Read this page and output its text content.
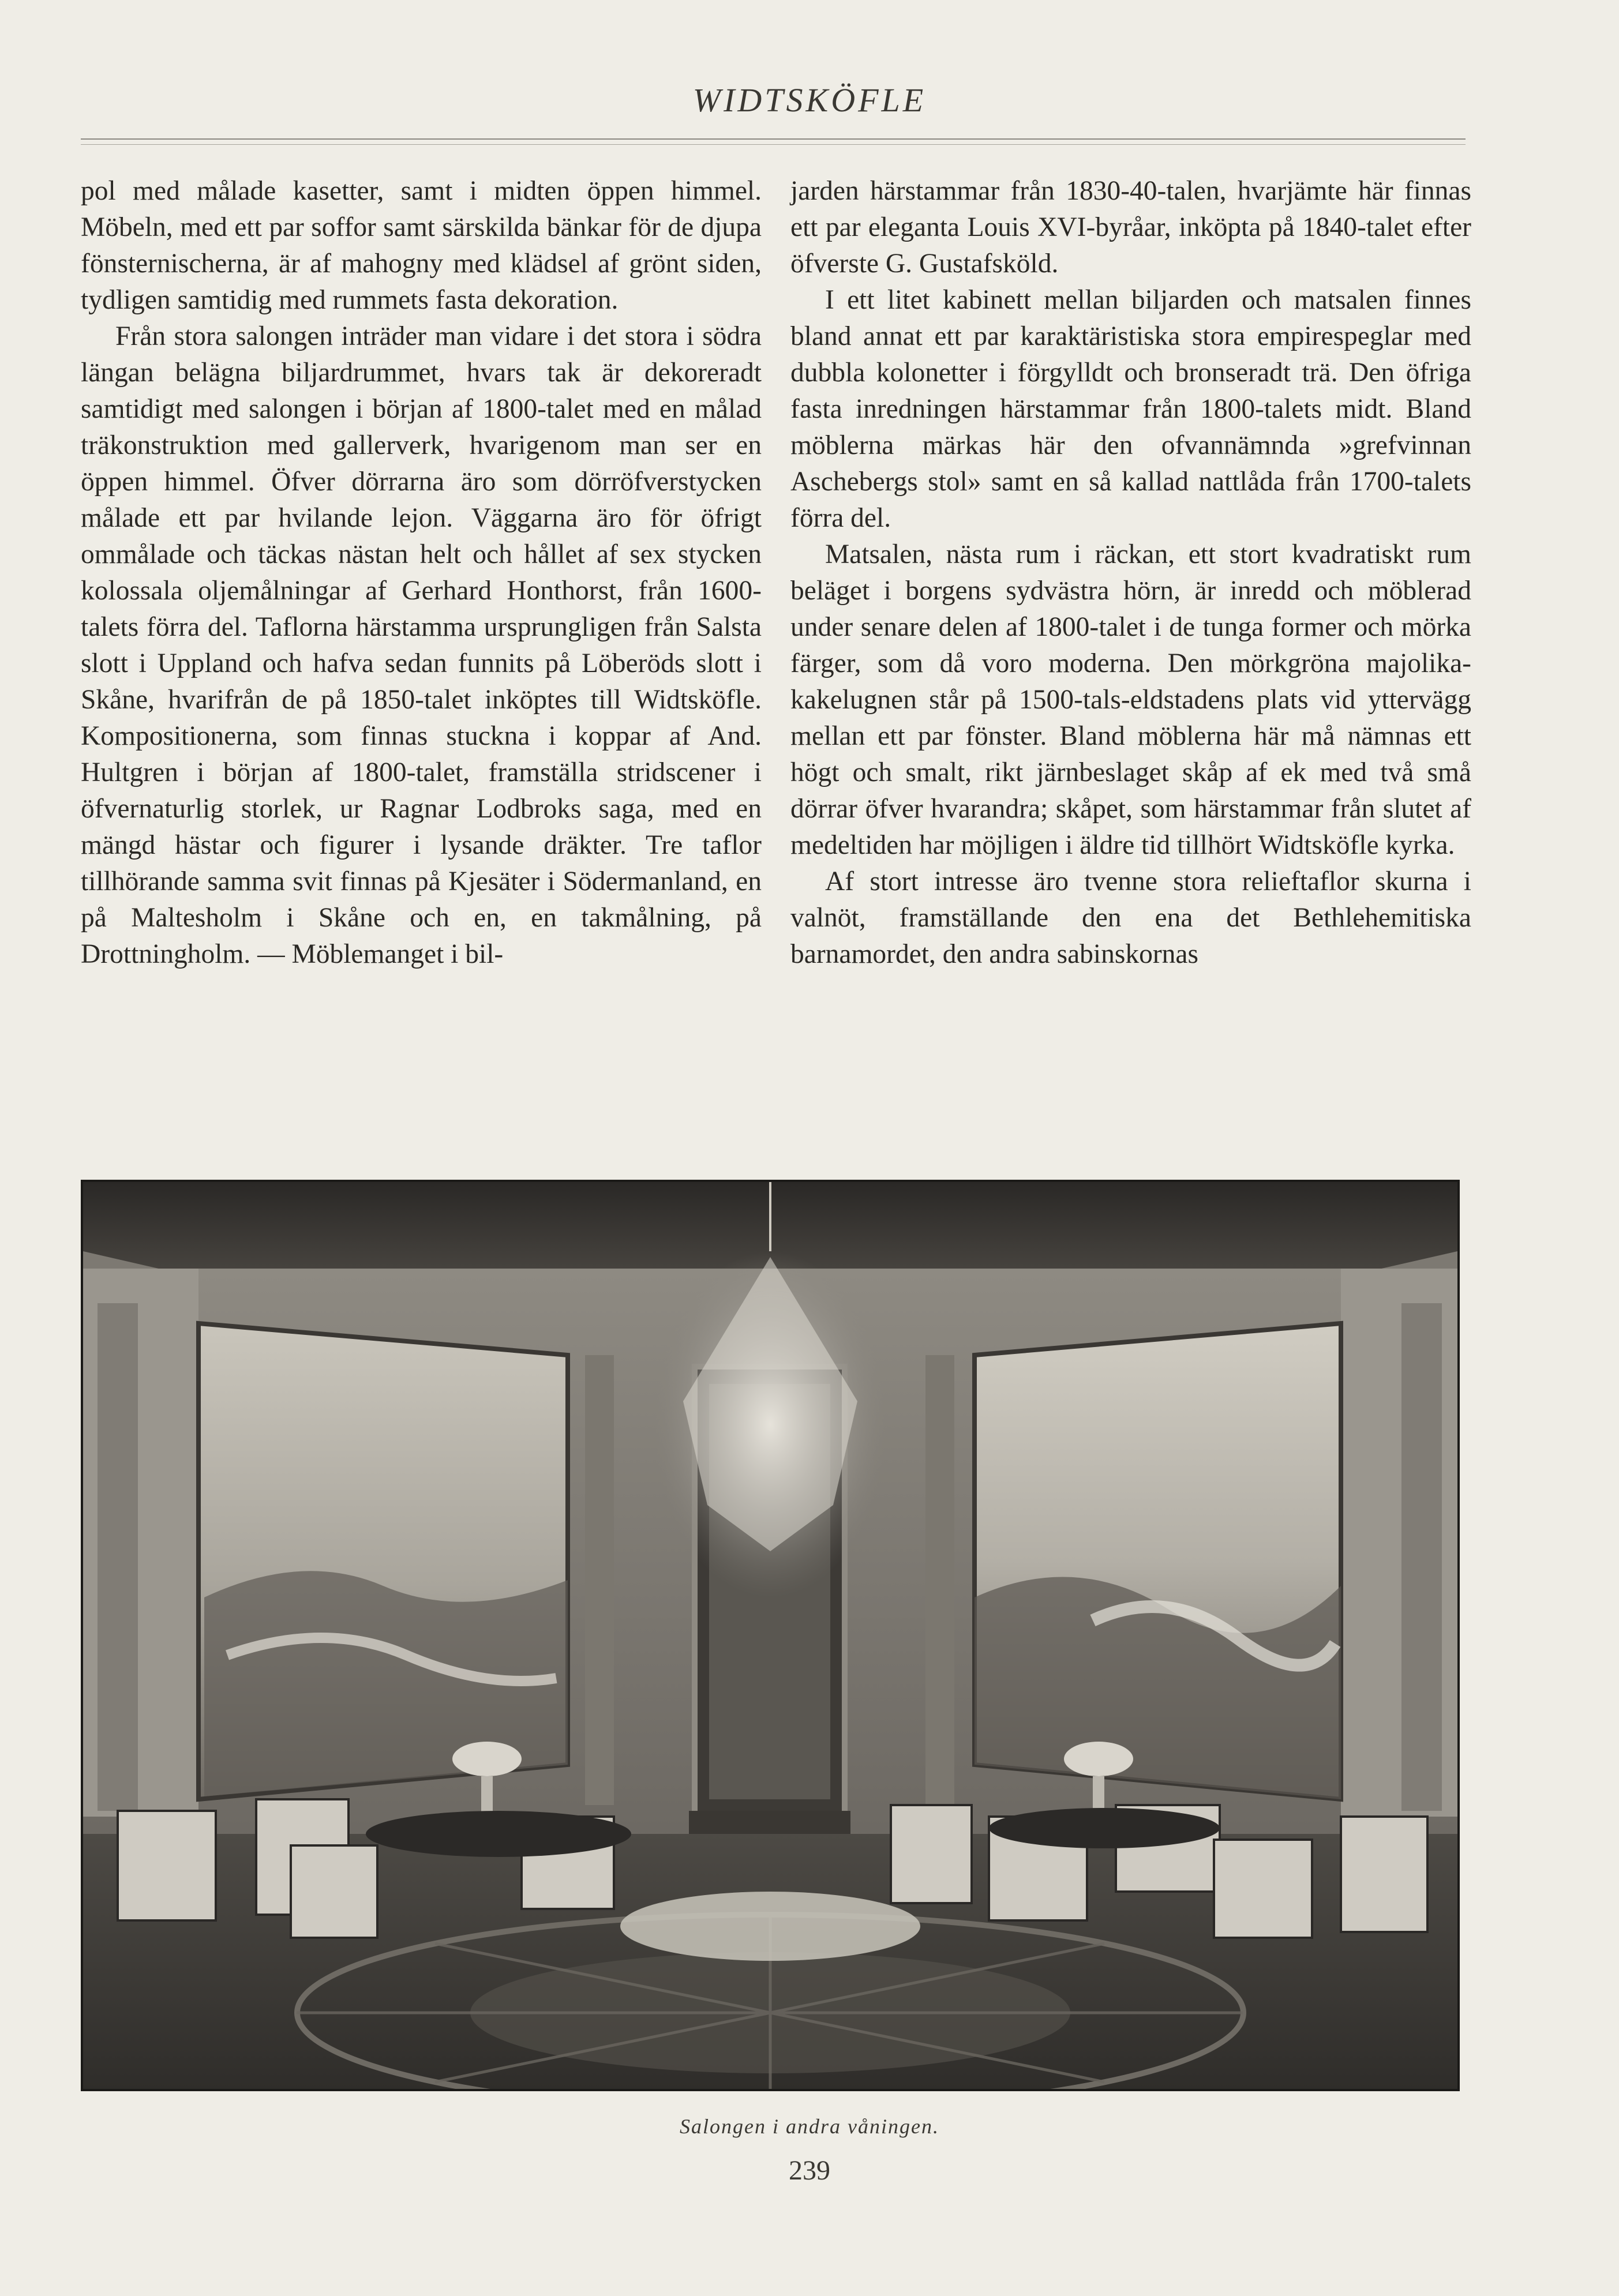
WIDTSKÖFLE

pol med målade kasetter, samt i midten öppen himmel. Möbeln, med ett par soffor samt särskilda bänkar för de djupa fönsternischerna, är af mahogny med klädsel af grönt siden, tydligen samtidig med rummets fasta dekoration.

Från stora salongen inträder man vidare i det stora i södra längan belägna biljardrummet, hvars tak är dekoreradt samtidigt med salongen i början af 1800-talet med en målad träkonstruktion med gallerverk, hvarigenom man ser en öppen himmel. Öfver dörrarna äro som dörröfverstycken målade ett par hvilande lejon. Väggarna äro för öfrigt ommålade och täckas nästan helt och hållet af sex stycken kolossala oljemålningar af Gerhard Honthorst, från 1600-talets förra del. Taflorna härstamma ursprungligen från Salsta slott i Uppland och hafva sedan funnits på Löberöds slott i Skåne, hvarifrån de på 1850-talet inköptes till Widtsköfle. Kompositionerna, som finnas stuckna i koppar af And. Hultgren i början af 1800-talet, framställa stridscener i öfvernaturlig storlek, ur Ragnar Lodbroks saga, med en mängd hästar och figurer i lysande dräkter. Tre taflor tillhörande samma svit finnas på Kjesäter i Södermanland, en på Maltesholm i Skåne och en, en takmålning, på Drottningholm. — Möblemanget i bil-

jarden härstammar från 1830-40-talen, hvarjämte här finnas ett par eleganta Louis XVI-byråar, inköpta på 1840-talet efter öfverste G. Gustafsköld.

I ett litet kabinett mellan biljarden och matsalen finnes bland annat ett par karaktäristiska stora empirespeglar med dubbla kolonetter i förgylldt och bronseradt trä. Den öfriga fasta inredningen härstammar från 1800-talets midt. Bland möblerna märkas här den ofvannämnda »grefvinnan Aschebergs stol» samt en så kallad nattlåda från 1700-talets förra del.

Matsalen, nästa rum i räckan, ett stort kvadratiskt rum beläget i borgens sydvästra hörn, är inredd och möblerad under senare delen af 1800-talet i de tunga former och mörka färger, som då voro moderna. Den mörkgröna majolika-kakelugnen står på 1500-tals-eldstadens plats vid yttervägg mellan ett par fönster. Bland möblerna här må nämnas ett högt och smalt, rikt järnbeslaget skåp af ek med två små dörrar öfver hvarandra; skåpet, som härstammar från slutet af medeltiden har möjligen i äldre tid tillhört Widtsköfle kyrka.

Af stort intresse äro tvenne stora relieftaflor skurna i valnöt, framställande den ena det Bethlehemitiska barnamordet, den andra sabinskornas

Salongen i andra våningen.
239
